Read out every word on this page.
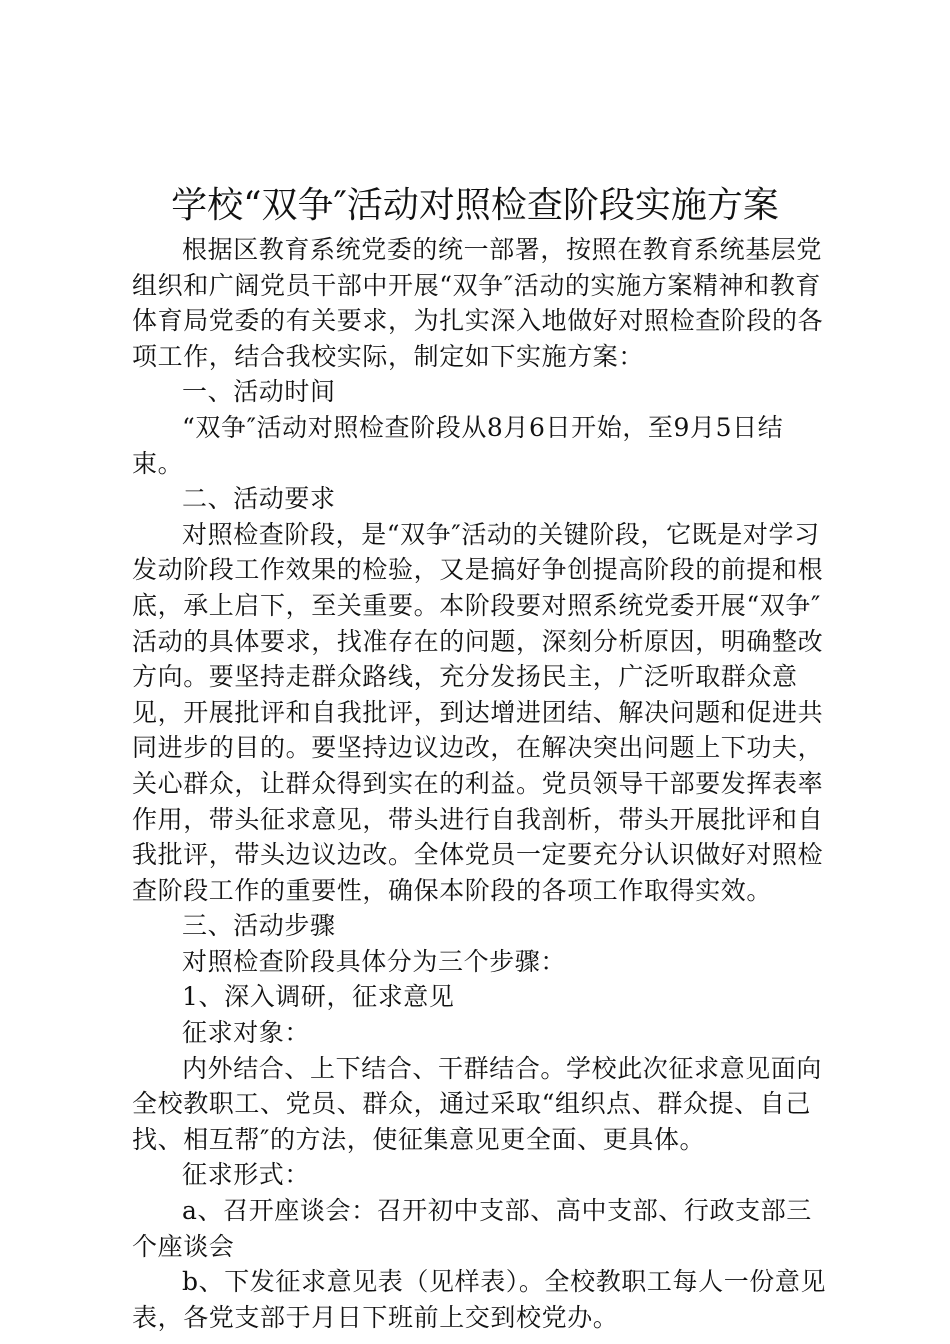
学校“双争″活动对照检查阶段实施方案

根据区教育系统党委的统一部署，按照在教育系统基层党组织和广阔党员干部中开展“双争″活动的实施方案精神和教育体育局党委的有关要求，为扎实深入地做好对照检查阶段的各项工作，结合我校实际，制定如下实施方案：

一、活动时间

“双争″活动对照检查阶段从8月6日开始，至9月5日结束。

二、活动要求

对照检查阶段，是“双争″活动的关键阶段，它既是对学习发动阶段工作效果的检验，又是搞好争创提高阶段的前提和根底，承上启下，至关重要。本阶段要对照系统党委开展“双争″活动的具体要求，找准存在的问题，深刻分析原因，明确整改方向。要坚持走群众路线，充分发扬民主，广泛听取群众意见，开展批评和自我批评，到达增进团结、解决问题和促进共同进步的目的。要坚持边议边改，在解决突出问题上下功夫，关心群众，让群众得到实在的利益。党员领导干部要发挥表率作用，带头征求意见，带头进行自我剖析，带头开展批评和自我批评，带头边议边改。全体党员一定要充分认识做好对照检查阶段工作的重要性，确保本阶段的各项工作取得实效。

三、活动步骤

对照检查阶段具体分为三个步骤：

1、深入调研，征求意见

征求对象：

内外结合、上下结合、干群结合。学校此次征求意见面向全校教职工、党员、群众，通过采取“组织点、群众提、自己找、相互帮″的方法，使征集意见更全面、更具体。

征求形式：

a、召开座谈会：召开初中支部、高中支部、行政支部三个座谈会

b、下发征求意见表（见样表）。全校教职工每人一份意见表，各党支部于月日下班前上交到校党办。
